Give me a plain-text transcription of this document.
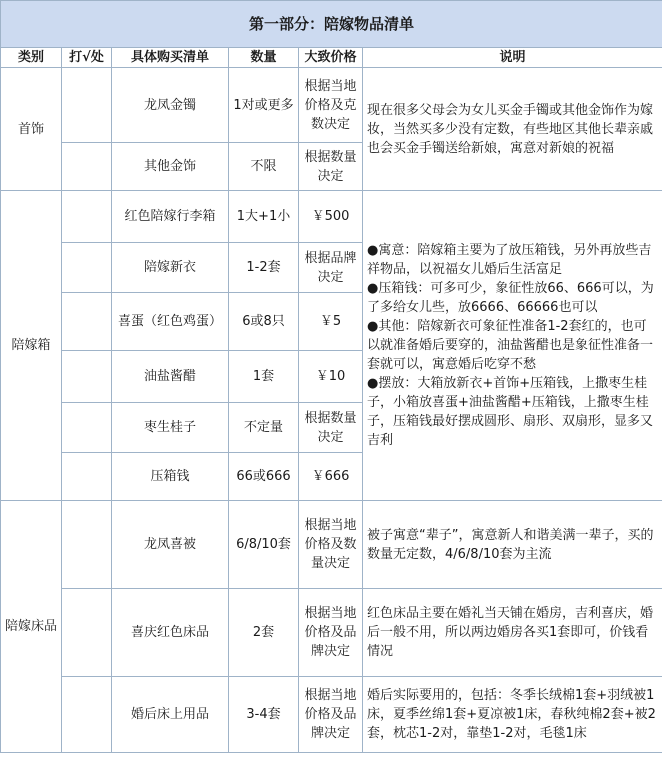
第一部分：陪嫁物品清单					
类别	打√处	具体购买清单	数量	大致价格	说明
首饰		龙凤金镯	1对或更多	根据当地价格及克数决定	现在很多父母会为女儿买金手镯或其他金饰作为嫁妆，当然买多少没有定数，有些地区其他长辈亲戚也会买金手镯送给新娘，寓意对新娘的祝福

		其他金饰	不限	根据数量决定	
陪嫁箱		红色陪嫁行李箱	1大+1小	￥500	●寓意：陪嫁箱主要为了放压箱钱，另外再放些吉祥物品，以祝福女儿婚后生活富足
●压箱钱：可多可少，象征性放66、666可以，为了多给女儿些，放6666、66666也可以
●其他：陪嫁新衣可象征性准备1-2套红的，也可以就准备婚后要穿的，油盐酱醋也是象征性准备一套就可以，寓意婚后吃穿不愁
●摆放：大箱放新衣+首饰+压箱钱，上撒枣生桂子，小箱放喜蛋+油盐酱醋+压箱钱，上撒枣生桂子，压箱钱最好摆成圆形、扇形、双扇形，显多又吉利

		陪嫁新衣	1-2套	根据品牌决定	
		喜蛋（红色鸡蛋）	6或8只	￥5	
		油盐酱醋	1套	￥10	
		枣生桂子	不定量	根据数量决定	
		压箱钱	66或666	￥666	
陪嫁床品		龙凤喜被	6/8/10套	根据当地价格及数量决定	被子寓意“辈子”，寓意新人和谐美满一辈子，买的数量无定数，4/6/8/10套为主流
		喜庆红色床品	2套	根据当地价格及品牌决定	红色床品主要在婚礼当天铺在婚房，吉利喜庆，婚后一般不用，所以两边婚房各买1套即可，价钱看情况
		婚后床上用品	3-4套	根据当地价格及品牌决定	婚后实际要用的，包括：冬季长绒棉1套+羽绒被1床，夏季丝绵1套+夏凉被1床，春秋纯棉2套+被2套，枕芯1-2对，靠垫1-2对，毛毯1床
